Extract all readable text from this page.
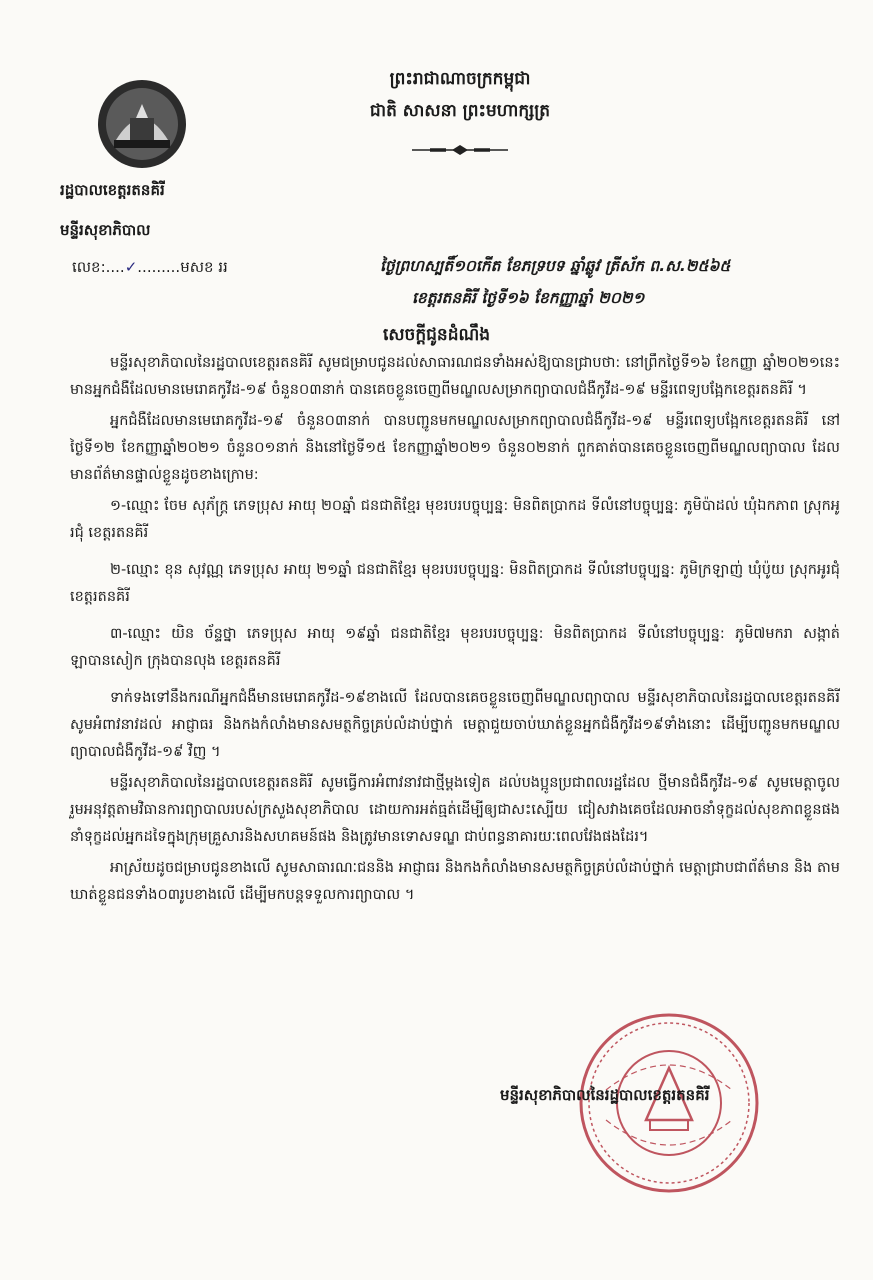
ព្រះរាជាណាចក្រកម្ពុជា
ជាតិ សាសនា ព្រះមហាក្សត្រ
រដ្ឋបាលខេត្តរតនគិរី
មន្ទីរសុខាភិបាល
លេខ:....✓.........មសខ ររ	ថ្ងៃព្រហស្បតិ៍១០កើត ខែភទ្របទ ឆ្នាំឆ្លូវ ត្រីស័ក ព.ស.២៥៦៥
ខេត្តរតនគិរី ថ្ងៃទី១៦ ខែកញ្ញាឆ្នាំ ២០២១
សេចក្តីជូនដំណឹង

មន្ទីរសុខាភិបាលនៃរដ្ឋបាលខេត្តរតនគិរី សូមជម្រាបជូនដល់សាធារណជនទាំងអស់ឱ្យបានជ្រាបថា: នៅព្រឹកថ្ងៃទី១៦ ខែកញ្ញា ឆ្នាំ២០២១នេះ មានអ្នកជំងឺដែលមានមេរោគកូវីដ-១៩ ចំនួន០៣នាក់ បានគេចខ្លួនចេញពីមណ្ឌលសម្រាកព្យាបាលជំងឺកូវីដ-១៩ មន្ទីរពេទ្យបង្អែកខេត្តរតនគិរី ។

អ្នកជំងឺដែលមានមេរោគកូវីដ-១៩ ចំនួន០៣នាក់ បានបញ្ជូនមកមណ្ឌលសម្រាកព្យាបាលជំងឺកូវីដ-១៩ មន្ទីរពេទ្យបង្អែកខេត្តរតនគិរី នៅថ្ងៃទី១២ ខែកញ្ញាឆ្នាំ២០២១ ចំនួន០១នាក់ និងនៅថ្ងៃទី១៥ ខែកញ្ញាឆ្នាំ២០២១ ចំនួន០២នាក់ ពួកគាត់បានគេចខ្លួនចេញពីមណ្ឌលព្យាបាល ដែលមានព័ត៌មានផ្ទាល់ខ្លួនដូចខាងក្រោម:

១-ឈ្មោះ ចែម សុភ័ក្ត្រ ភេទប្រុស អាយុ ២០ឆ្នាំ ជនជាតិខ្មែរ មុខរបរបច្ចុប្បន្ន: មិនពិតប្រាកដ ទីលំនៅបច្ចុប្បន្ន: ភូមិប៉ាដល់ ឃុំឯកភាព ស្រុកអូរជុំ ខេត្តរតនគិរី

២-ឈ្មោះ ខុន សុវណ្ណ ភេទប្រុស អាយុ ២១ឆ្នាំ ជនជាតិខ្មែរ មុខរបរបច្ចុប្បន្ន: មិនពិតប្រាកដ ទីលំនៅបច្ចុប្បន្ន: ភូមិក្រឡាញ់ ឃុំប៉ូយ ស្រុកអូរជុំ ខេត្តរតនគិរី

៣-ឈ្មោះ យិន ច័ន្ទថ្នា ភេទប្រុស អាយុ ១៩ឆ្នាំ ជនជាតិខ្មែរ មុខរបរបច្ចុប្បន្ន: មិនពិតប្រាកដ ទីលំនៅបច្ចុប្បន្ន: ភូមិ៧មករា សង្កាត់ឡាបានសៀក ក្រុងបានលុង ខេត្តរតនគិរី

ទាក់ទងទៅនឹងករណីអ្នកជំងឺមានមេរោគកូវីដ-១៩ខាងលើ ដែលបានគេចខ្លួនចេញពីមណ្ឌលព្យាបាល មន្ទីរសុខាភិបាលនៃរដ្ឋបាលខេត្តរតនគិរី សូមអំពាវនាវដល់ អាជ្ញាធរ និងកងកំលាំងមានសមត្ថកិច្ចគ្រប់លំដាប់ថ្នាក់ មេត្តាជួយចាប់ឃាត់ខ្លួនអ្នកជំងឺកូវីដ១៩ទាំងនោះ ដើម្បីបញ្ជូនមកមណ្ឌលព្យាបាលជំងឺកូវីដ-១៩ វិញ ។

មន្ទីរសុខាភិបាលនៃរដ្ឋបាលខេត្តរតនគិរី សូមធ្វើការអំពាវនាវជាថ្មីម្តងទៀត ដល់បងប្អូនប្រជាពលរដ្ឋដែល ថ្មីមានជំងឺកូវីដ-១៩ សូមមេត្តាចូលរួមអនុវត្តតាមវិធានការព្យាបាលរបស់ក្រសួងសុខាភិបាល ដោយការអត់ធ្មត់ដើម្បីឲ្យជាសះស្បើយ ជៀសវាងគេចដែលអាចនាំទុក្ខដល់សុខភាពខ្លួនផង នាំទុក្ខដល់អ្នកដទៃក្នុងក្រុមគ្រួសារនិងសហគមន៍ផង និងត្រូវមានទោសទណ្ឌ ជាប់ពន្ធនាគារយៈពេលវែងផងដែរ។

អាស្រ័យដូចជម្រាបជូនខាងលើ សូមសាធារណៈជននិង អាជ្ញាធរ និងកងកំលាំងមានសមត្ថកិច្ចគ្រប់លំដាប់ថ្នាក់ មេត្តាជ្រាបជាព័ត៌មាន និង តាមឃាត់ខ្លួនជនទាំង០៣រូបខាងលើ ដើម្បីមកបន្តទទួលការព្យាបាល ។

មន្ទីរសុខាភិបាលនៃរដ្ឋបាលខេត្តរតនគិរី
